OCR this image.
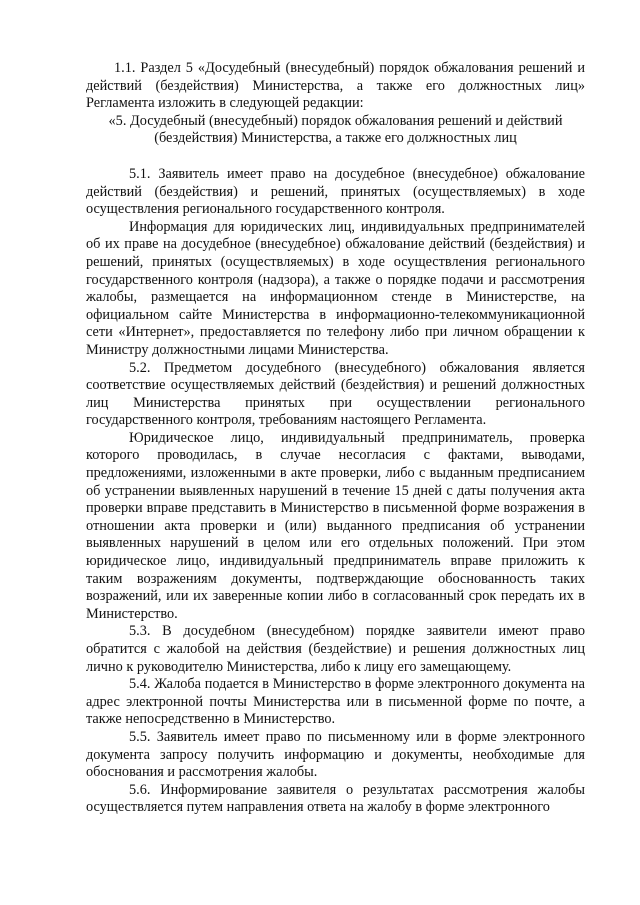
1.1. Раздел 5 «Досудебный (внесудебный) порядок обжалования решений и действий (бездействия) Министерства, а также его должностных лиц» Регламента изложить в следующей редакции:

«5. Досудебный (внесудебный) порядок обжалования решений и действий (бездействия) Министерства, а также его должностных лиц

5.1. Заявитель имеет право на досудебное (внесудебное) обжалование действий (бездействия) и решений, принятых (осуществляемых) в ходе осуществления регионального государственного контроля.

Информация для юридических лиц, индивидуальных предпринимателей об их праве на досудебное (внесудебное) обжалование действий (бездействия) и решений, принятых (осуществляемых) в ходе осуществления регионального государственного контроля (надзора), а также о порядке подачи и рассмотрения жалобы, размещается на информационном стенде в Министерстве, на официальном сайте Министерства в информационно-телекоммуникационной сети «Интернет», предоставляется по телефону либо при личном обращении к Министру должностными лицами Министерства.

5.2. Предметом досудебного (внесудебного) обжалования является соответствие осуществляемых действий (бездействия) и решений должностных лиц Министерства принятых при осуществлении регионального государственного контроля, требованиям настоящего Регламента.

Юридическое лицо, индивидуальный предприниматель, проверка которого проводилась, в случае несогласия с фактами, выводами, предложениями, изложенными в акте проверки, либо с выданным предписанием об устранении выявленных нарушений в течение 15 дней с даты получения акта проверки вправе представить в Министерство в письменной форме возражения в отношении акта проверки и (или) выданного предписания об устранении выявленных нарушений в целом или его отдельных положений. При этом юридическое лицо, индивидуальный предприниматель вправе приложить к таким возражениям документы, подтверждающие обоснованность таких возражений, или их заверенные копии либо в согласованный срок передать их в Министерство.

5.3. В досудебном (внесудебном) порядке заявители имеют право обратится с жалобой на действия (бездействие) и решения должностных лиц лично к руководителю Министерства, либо к лицу его замещающему.

5.4. Жалоба подается в Министерство в форме электронного документа на адрес электронной почты Министерства или в письменной форме по почте, а также непосредственно в Министерство.

5.5. Заявитель имеет право по письменному или в форме электронного документа запросу получить информацию и документы, необходимые для обоснования и рассмотрения жалобы.

5.6. Информирование заявителя о результатах рассмотрения жалобы осуществляется путем направления ответа на жалобу в форме электронного
